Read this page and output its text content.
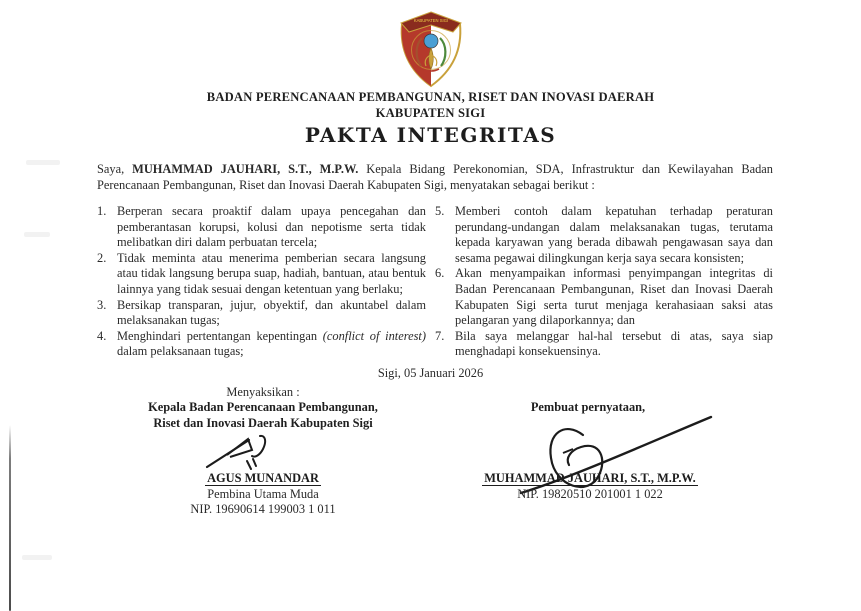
KABUPATEN SIGI
BADAN PERENCANAAN PEMBANGUNAN, RISET DAN INOVASI DAERAH
KABUPATEN SIGI
PAKTA INTEGRITAS
Saya, MUHAMMAD JAUHARI, S.T., M.P.W. Kepala Bidang Perekonomian, SDA, Infrastruktur dan Kewilayahan Badan Perencanaan Pembangunan, Riset dan Inovasi Daerah Kabupaten Sigi, menyatakan sebagai berikut :
1. Berperan secara proaktif dalam upaya pencegahan dan pemberantasan korupsi, kolusi dan nepotisme serta tidak melibatkan diri dalam perbuatan tercela;
2. Tidak meminta atau menerima pemberian secara langsung atau tidak langsung berupa suap, hadiah, bantuan, atau bentuk lainnya yang tidak sesuai dengan ketentuan yang berlaku;
3. Bersikap transparan, jujur, obyektif, dan akuntabel dalam melaksanakan tugas;
4. Menghindari pertentangan kepentingan (conflict of interest) dalam pelaksanaan tugas;
5. Memberi contoh dalam kepatuhan terhadap peraturan perundang-undangan dalam melaksanakan tugas, terutama kepada karyawan yang berada dibawah pengawasan saya dan sesama pegawai dilingkungan kerja saya secara konsisten;
6. Akan menyampaikan informasi penyimpangan integritas di Badan Perencanaan Pembangunan, Riset dan Inovasi Daerah Kabupaten Sigi serta turut menjaga kerahasiaan saksi atas pelangaran yang dilaporkannya; dan
7. Bila saya melanggar hal-hal tersebut di atas, saya siap menghadapi konsekuensinya.
Sigi, 05 Januari 2026
Menyaksikan :
Kepala Badan Perencanaan Pembangunan,
Riset dan Inovasi Daerah Kabupaten Sigi
Pembuat pernyataan,
AGUS MUNANDAR
Pembina Utama Muda
NIP. 19690614 199003 1 011
MUHAMMAD JAUHARI, S.T., M.P.W.
NIP. 19820510 201001 1 022
